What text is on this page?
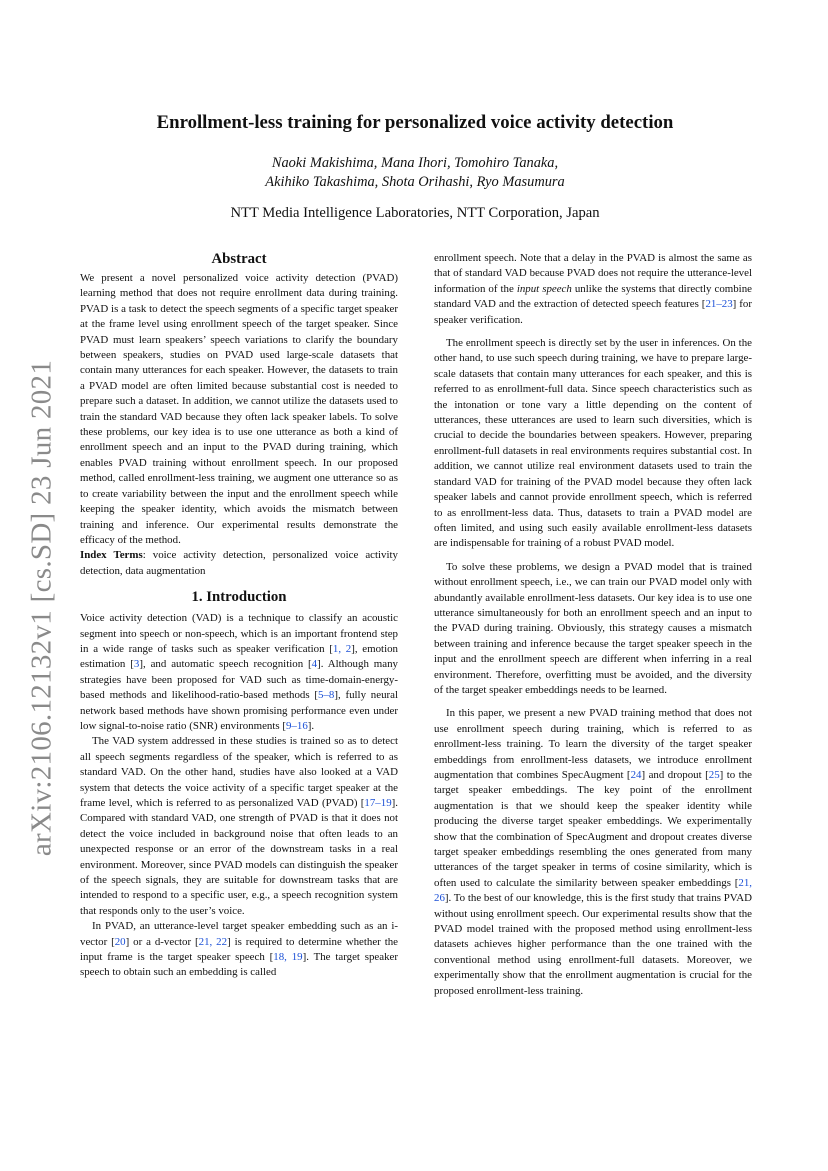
arXiv:2106.12132v1 [cs.SD] 23 Jun 2021
Enrollment-less training for personalized voice activity detection
Naoki Makishima, Mana Ihori, Tomohiro Tanaka,
Akihiko Takashima, Shota Orihashi, Ryo Masumura
NTT Media Intelligence Laboratories, NTT Corporation, Japan
Abstract

We present a novel personalized voice activity detection (PVAD) learning method that does not require enrollment data during training. PVAD is a task to detect the speech segments of a specific target speaker at the frame level using enrollment speech of the target speaker. Since PVAD must learn speakers’ speech variations to clarify the boundary between speakers, studies on PVAD used large-scale datasets that contain many utterances for each speaker. However, the datasets to train a PVAD model are often limited because substantial cost is needed to prepare such a dataset. In addition, we cannot utilize the datasets used to train the standard VAD because they often lack speaker labels. To solve these problems, our key idea is to use one utterance as both a kind of enrollment speech and an input to the PVAD during training, which enables PVAD training without enrollment speech. In our proposed method, called enrollment-less training, we augment one utterance so as to create variability between the input and the enrollment speech while keeping the speaker identity, which avoids the mismatch between training and inference. Our experimental results demonstrate the efficacy of the method.

Index Terms: voice activity detection, personalized voice activity detection, data augmentation

1. Introduction

Voice activity detection (VAD) is a technique to classify an acoustic segment into speech or non-speech, which is an important frontend step in a wide range of tasks such as speaker verification [1, 2], emotion estimation [3], and automatic speech recognition [4]. Although many strategies have been proposed for VAD such as time-domain-energy-based methods and likelihood-ratio-based methods [5–8], fully neural network based methods have shown promising performance even under low signal-to-noise ratio (SNR) environments [9–16].

The VAD system addressed in these studies is trained so as to detect all speech segments regardless of the speaker, which is referred to as standard VAD. On the other hand, studies have also looked at a VAD system that detects the voice activity of a specific target speaker at the frame level, which is referred to as personalized VAD (PVAD) [17–19]. Compared with standard VAD, one strength of PVAD is that it does not detect the voice included in background noise that often leads to an unexpected response or an error of the downstream tasks in a real environment. Moreover, since PVAD models can distinguish the speaker of the speech signals, they are suitable for downstream tasks that are intended to respond to a specific user, e.g., a speech recognition system that responds only to the user’s voice.

In PVAD, an utterance-level target speaker embedding such as an i-vector [20] or a d-vector [21, 22] is required to determine whether the input frame is the target speaker speech [18, 19]. The target speaker speech to obtain such an embedding is called

enrollment speech. Note that a delay in the PVAD is almost the same as that of standard VAD because PVAD does not require the utterance-level information of the input speech unlike the systems that directly combine standard VAD and the extraction of detected speech features [21–23] for speaker verification.

The enrollment speech is directly set by the user in inferences. On the other hand, to use such speech during training, we have to prepare large-scale datasets that contain many utterances for each speaker, and this is referred to as enrollment-full data. Since speech characteristics such as the intonation or tone vary a little depending on the content of utterances, these utterances are used to learn such diversities, which is crucial to decide the boundaries between speakers. However, preparing enrollment-full datasets in real environments requires substantial cost. In addition, we cannot utilize real environment datasets used to train the standard VAD for training of the PVAD model because they often lack speaker labels and cannot provide enrollment speech, which is referred to as enrollment-less data. Thus, datasets to train a PVAD model are often limited, and using such easily available enrollment-less datasets are indispensable for training of a robust PVAD model.

To solve these problems, we design a PVAD model that is trained without enrollment speech, i.e., we can train our PVAD model only with abundantly available enrollment-less datasets. Our key idea is to use one utterance simultaneously for both an enrollment speech and an input to the PVAD during training. Obviously, this strategy causes a mismatch between training and inference because the target speaker speech in the input and the enrollment speech are different when inferring in a real environment. Therefore, overfitting must be avoided, and the diversity of the target speaker embeddings needs to be learned.

In this paper, we present a new PVAD training method that does not use enrollment speech during training, which is referred to as enrollment-less training. To learn the diversity of the target speaker embeddings from enrollment-less datasets, we introduce enrollment augmentation that combines SpecAugment [24] and dropout [25] to the target speaker embeddings. The key point of the enrollment augmentation is that we should keep the speaker identity while producing the diverse target speaker embeddings. We experimentally show that the combination of SpecAugment and dropout creates diverse target speaker embeddings resembling the ones generated from many utterances of the target speaker in terms of cosine similarity, which is often used to calculate the similarity between speaker embeddings [21, 26]. To the best of our knowledge, this is the first study that trains PVAD without using enrollment speech. Our experimental results show that the PVAD model trained with the proposed method using enrollment-less datasets achieves higher performance than the one trained with the conventional method using enrollment-full datasets. Moreover, we experimentally show that the enrollment augmentation is crucial for the proposed enrollment-less training.
